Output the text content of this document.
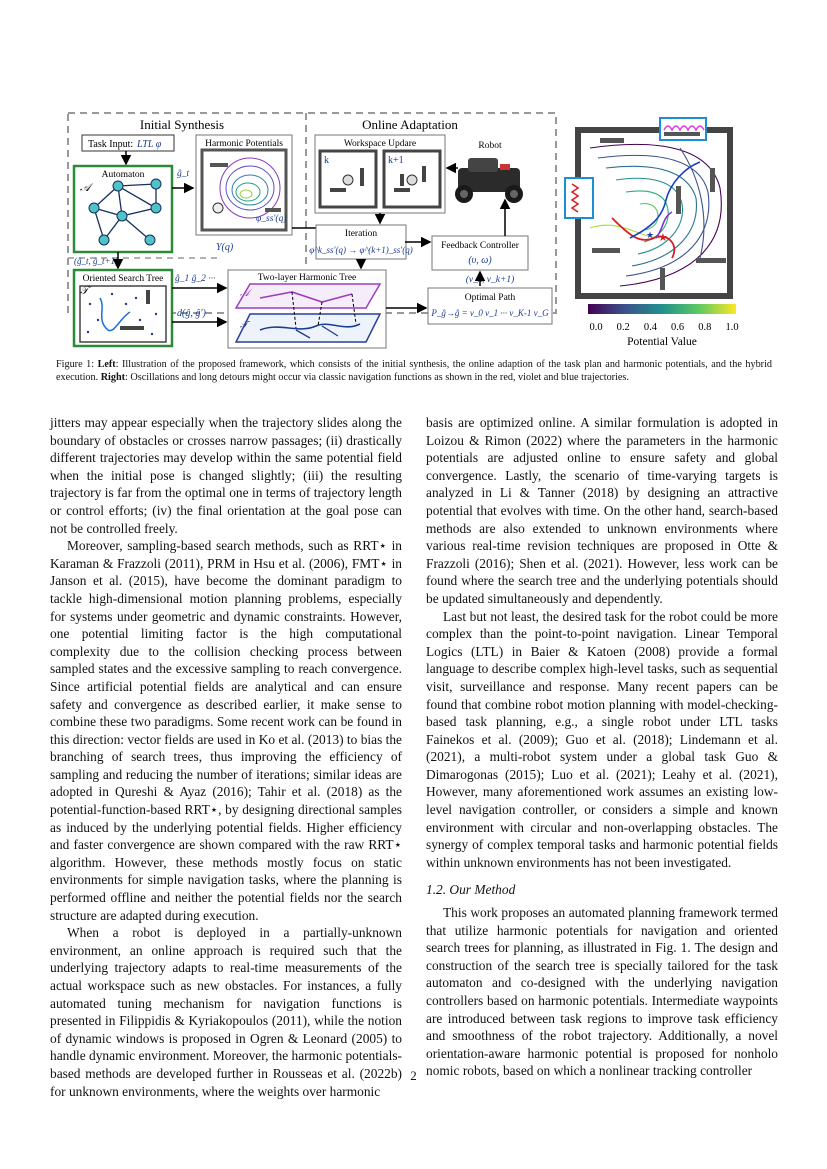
Initial Synthesis	Online Adaptation
Task Input: LTL φ
Automaton
𝒜
ĝ_t
Harmonic Potentials
φ_ss'(q)
Υ(q)
Workspace Updare
k	k+1
Robot
Iteration
φ^k_ss'(q) → φ^(k+1)_ss'(q)	Feedback Controller
(υ, ω)
(ν_k, ν_k+1)
(ĝ_t, ĝ_t+1)
Oriented Search Tree
𝒯
ĝ_1 ĝ_2 ···
d(ĝ, ĝ')
Two-layer Harmonic Tree
𝒜
𝒯
Optimal Path
P_ĝ→ĝ = ν_0 ν_1 ··· ν_K-1 ν_G
★
★
0.0 0.2 0.4 0.6 0.8 1.0
Potential Value
Figure 1: Left: Illustration of the proposed framework, which consists of the initial synthesis, the online adaption of the task plan and harmonic potentials, and the hybrid execution. Right: Oscillations and long detours might occur via classic navigation functions as shown in the red, violet and blue trajectories.

jitters may appear especially when the trajectory slides along the boundary of obstacles or crosses narrow passages; (ii) drastically different trajectories may develop within the same potential field when the initial pose is changed slightly; (iii) the resulting trajectory is far from the optimal one in terms of trajectory length or control efforts; (iv) the final orientation at the goal pose can not be controlled freely.

Moreover, sampling-based search methods, such as RRT⋆ in Karaman & Frazzoli (2011), PRM in Hsu et al. (2006), FMT⋆ in Janson et al. (2015), have become the dominant paradigm to tackle high-dimensional motion planning problems, especially for systems under geometric and dynamic constraints. However, one potential limiting factor is the high computational complexity due to the collision checking process between sampled states and the excessive sampling to reach convergence. Since artificial potential fields are analytical and can ensure safety and convergence as described earlier, it make sense to combine these two paradigms. Some recent work can be found in this direction: vector fields are used in Ko et al. (2013) to bias the branching of search trees, thus improving the efficiency of sampling and reducing the number of iterations; similar ideas are adopted in Qureshi & Ayaz (2016); Tahir et al. (2018) as the potential-function-based RRT⋆, by designing directional samples as induced by the underlying potential fields. Higher efficiency and faster convergence are shown compared with the raw RRT⋆ algorithm. However, these methods mostly focus on static environments for simple navigation tasks, where the planning is performed offline and neither the potential fields nor the search structure are adapted during execution.

When a robot is deployed in a partially-unknown environment, an online approach is required such that the underlying trajectory adapts to real-time measurements of the actual workspace such as new obstacles. For instances, a fully automated tuning mechanism for navigation functions is presented in Filippidis & Kyriakopoulos (2011), while the notion of dynamic windows is proposed in Ogren & Leonard (2005) to handle dynamic environment. Moreover, the harmonic potentials-based methods are developed further in Rousseas et al. (2022b) for unknown environments, where the weights over harmonic

basis are optimized online. A similar formulation is adopted in Loizou & Rimon (2022) where the parameters in the harmonic potentials are adjusted online to ensure safety and global convergence. Lastly, the scenario of time-varying targets is analyzed in Li & Tanner (2018) by designing an attractive potential that evolves with time. On the other hand, search-based methods are also extended to unknown environments where various real-time revision techniques are proposed in Otte & Frazzoli (2016); Shen et al. (2021). However, less work can be found where the search tree and the underlying potentials should be updated simultaneously and dependently.

Last but not least, the desired task for the robot could be more complex than the point-to-point navigation. Linear Temporal Logics (LTL) in Baier & Katoen (2008) provide a formal language to describe complex high-level tasks, such as sequential visit, surveillance and response. Many recent papers can be found that combine robot motion planning with model-checking-based task planning, e.g., a single robot under LTL tasks Fainekos et al. (2009); Guo et al. (2018); Lindemann et al. (2021), a multi-robot system under a global task Guo & Dimarogonas (2015); Luo et al. (2021); Leahy et al. (2021), However, many aforementioned work assumes an existing low-level navigation controller, or considers a simple and known environment with circular and non-overlapping obstacles. The synergy of complex temporal tasks and harmonic potential fields within unknown environments has not been investigated.

1.2. Our Method

This work proposes an automated planning framework termed that utilize harmonic potentials for navigation and oriented search trees for planning, as illustrated in Fig. 1. The design and construction of the search tree is specially tailored for the task automaton and co-designed with the underlying navigation controllers based on harmonic potentials. Intermediate waypoints are introduced between task regions to improve task efficiency and smoothness of the robot trajectory. Additionally, a novel orientation-aware harmonic potential is proposed for nonholo nomic robots, based on which a nonlinear tracking controller

2
